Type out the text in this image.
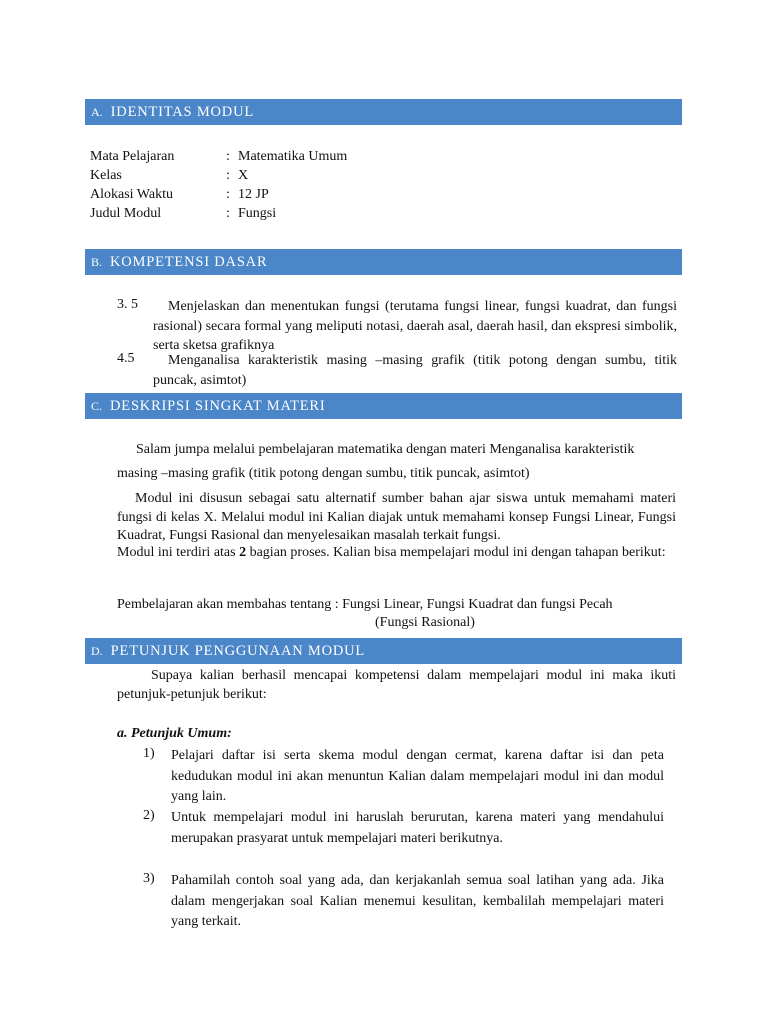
A. IDENTITAS MODUL
Mata Pelajaran	: Matematika Umum
Kelas	: X
Alokasi Waktu	: 12 JP
Judul Modul	: Fungsi
B. KOMPETENSI DASAR
3. 5	Menjelaskan dan menentukan fungsi (terutama fungsi linear, fungsi kuadrat, dan fungsi rasional) secara formal yang meliputi notasi, daerah asal, daerah hasil, dan ekspresi simbolik, serta sketsa grafiknya
4.5	Menganalisa karakteristik masing –masing grafik (titik potong dengan sumbu, titik puncak, asimtot)
C. DESKRIPSI SINGKAT MATERI
Salam jumpa melalui pembelajaran matematika dengan materi Menganalisa karakteristik
masing –masing grafik (titik potong dengan sumbu, titik puncak, asimtot)
Modul ini disusun sebagai satu alternatif sumber bahan ajar siswa untuk memahami materi fungsi di kelas X. Melalui modul ini Kalian diajak untuk memahami konsep Fungsi Linear, Fungsi Kuadrat, Fungsi Rasional dan menyelesaikan masalah terkait fungsi.
Modul ini terdiri atas 2 bagian proses. Kalian bisa mempelajari modul ini dengan tahapan berikut:
Pembelajaran akan membahas tentang : Fungsi Linear, Fungsi Kuadrat dan fungsi Pecah
(Fungsi Rasional)
D. PETUNJUK PENGGUNAAN MODUL
Supaya kalian berhasil mencapai kompetensi dalam mempelajari modul ini maka ikuti petunjuk-petunjuk berikut:
a. Petunjuk Umum:
1) Pelajari daftar isi serta skema modul dengan cermat, karena daftar isi dan peta kedudukan modul ini akan menuntun Kalian dalam mempelajari modul ini dan modul yang lain.
2) Untuk mempelajari modul ini haruslah berurutan, karena materi yang mendahului merupakan prasyarat untuk mempelajari materi berikutnya.
3) Pahamilah contoh soal yang ada, dan kerjakanlah semua soal latihan yang ada. Jika dalam mengerjakan soal Kalian menemui kesulitan, kembalilah mempelajari materi yang terkait.
